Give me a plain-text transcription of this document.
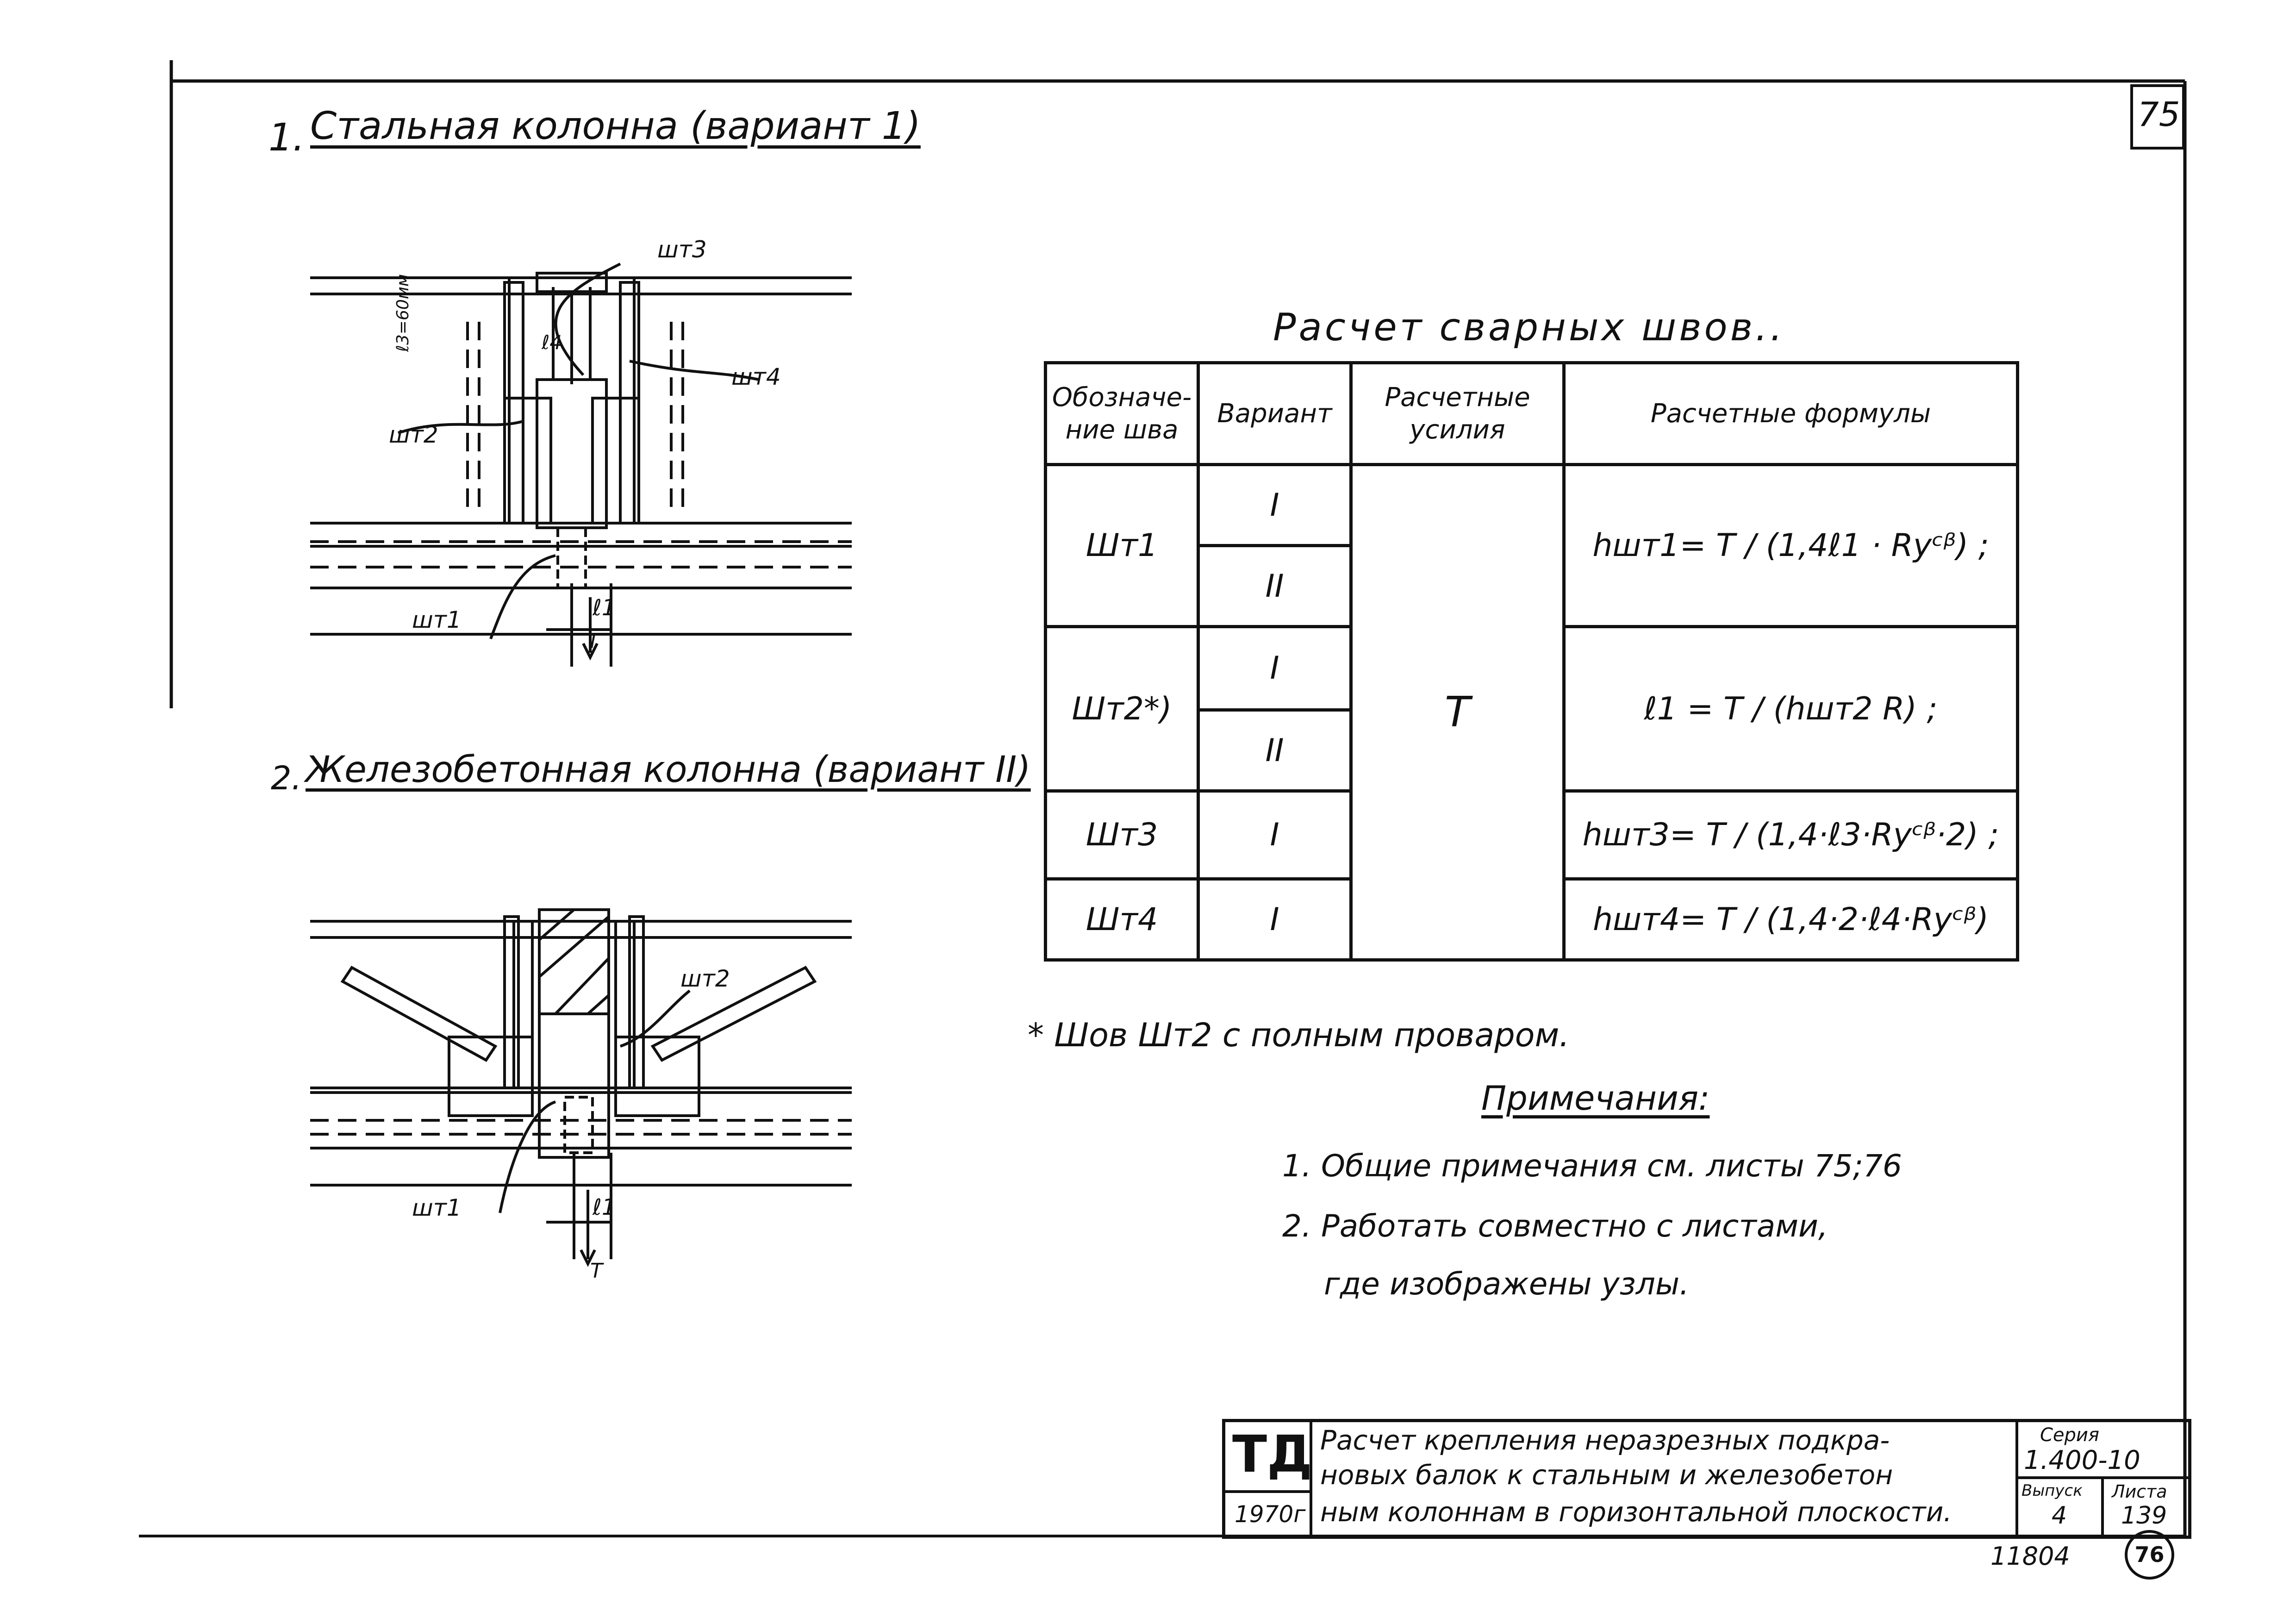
75
1. Стальная колонна (вариант 1)
шт3
шт4
шт2
шт1
ℓ3=60мм	ℓ4
ℓ1
T
2. Железобетонная колонна (вариант II)
шт2
шт1	ℓ1
T
Расчет сварных швов..
Обозначе-ние шва	Вариант	Расчетные усилия	Расчетные формулы
Шт1	I	T	hшт1= T / (1,4ℓ1 · Rуᶜᵝ) ;
	II		
Шт2*)	I		ℓ1 = T / (hшт2 R) ;
	II		
Шт3	I		hшт3= T / (1,4·ℓ3·Rуᶜᵝ·2) ;
Шт4	I		hшт4= T / (1,4·2·ℓ4·Rуᶜᵝ)
* Шов Шт2 с полным проваром.
Примечания:
1. Общие примечания см. листы 75;76
2. Работать совместно с листами,
где изображены узлы.
ТД
1970г
Расчет крепления неразрезных подкра-
новых балок к стальным и железобетон
ным колоннам в горизонтальной плоскости.
Серия
1.400-10
Выпуск
4
Листа
139
11804	76
